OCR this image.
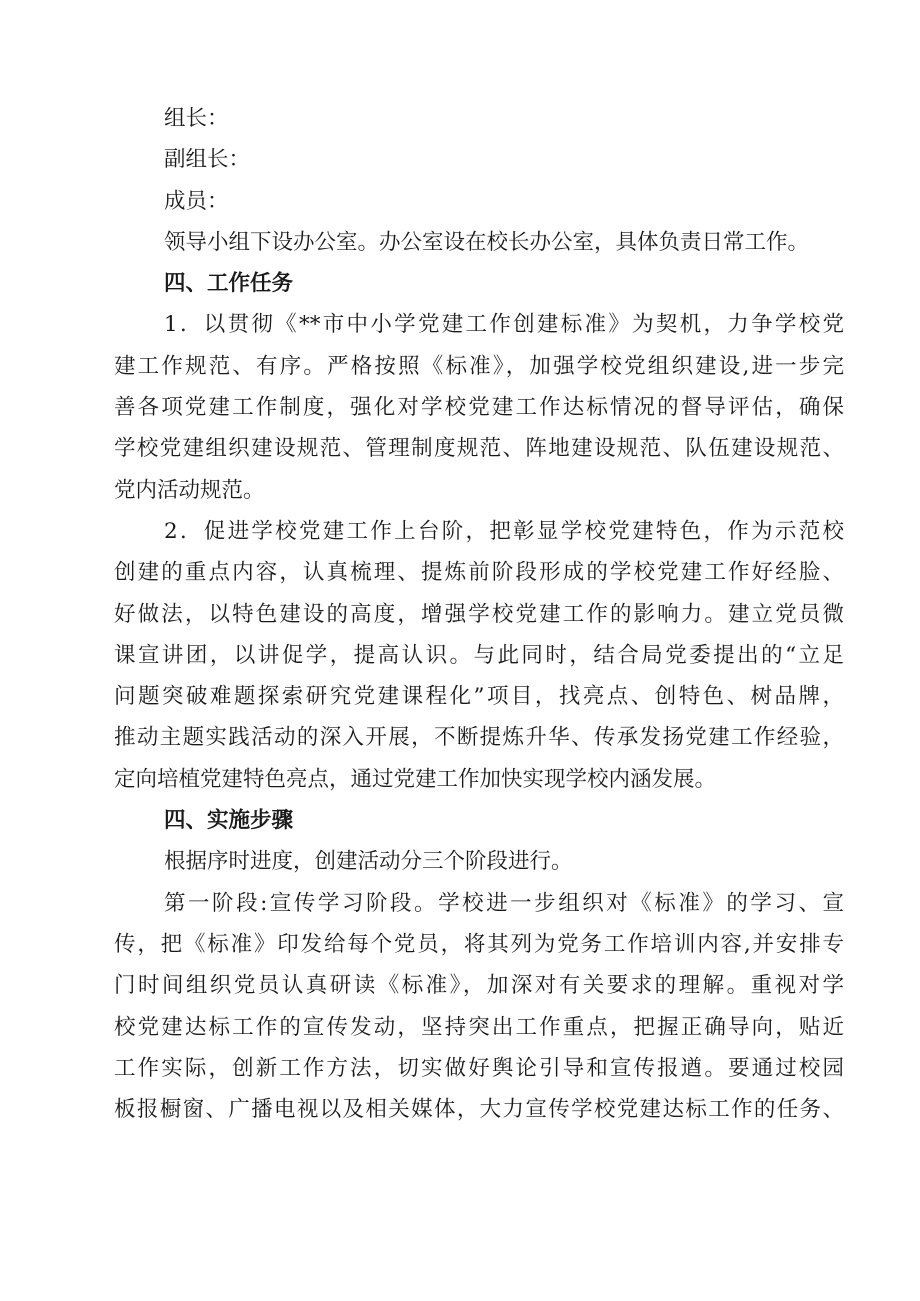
组长：
副组长：
成员：
领导小组下设办公室。办公室设在校长办公室，具体负责日常工作。
四、工作任务
1．以贯彻《**市中小学党建工作创建标准》为契机，力争学校党
建工作规范、有序。严格按照《标准》，加强学校党组织建设,进一步完
善各项党建工作制度，强化对学校党建工作达标情况的督导评估，确保
学校党建组织建设规范、管理制度规范、阵地建设规范、队伍建设规范、
党内活动规范。
2．促进学校党建工作上台阶，把彰显学校党建特色，作为示范校
创建的重点内容，认真梳理、提炼前阶段形成的学校党建工作好经脸、
好做法，以特色建设的高度，增强学校党建工作的影响力。建立党员微
课宣讲团，以讲促学，提高认识。与此同时，结合局党委提出的“立足
问题突破难题探索研究党建课程化”项目，找亮点、创特色、树品牌，
推动主题实践活动的深入开展，不断提炼升华、传承发扬党建工作经验，
定向培植党建特色亮点，通过党建工作加快实现学校内涵发展。
四、实施步骤
根据序时进度，创建活动分三个阶段进行。
第一阶段:宣传学习阶段。学校进一步组织对《标准》的学习、宣
传，把《标准》印发给每个党员，将其列为党务工作培训内容,并安排专
门时间组织党员认真研读《标准》，加深对有关要求的理解。重视对学
校党建达标工作的宣传发动，坚持突出工作重点，把握正确导向，贴近
工作实际，创新工作方法，切实做好舆论引导和宣传报遒。要通过校园
板报橱窗、广播电视以及相关媒体，大力宣传学校党建达标工作的任务、
